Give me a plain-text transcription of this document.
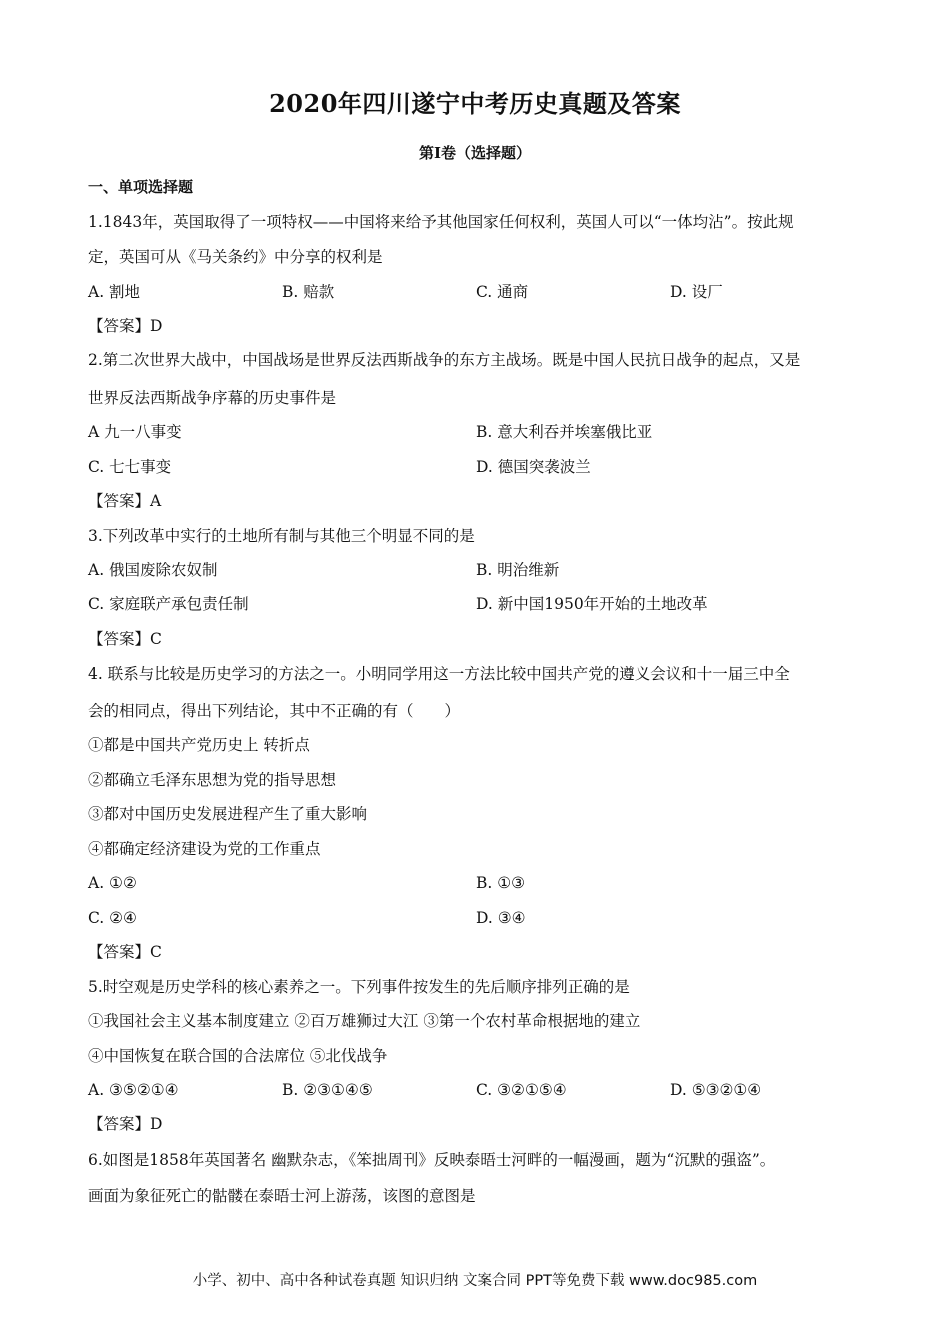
2020年四川遂宁中考历史真题及答案
第Ⅰ卷（选择题）
一、单项选择题
1.1843年，英国取得了一项特权——中国将来给予其他国家任何权利，英国人可以“一体均沾”。按此规
定，英国可从《马关条约》中分享的权利是
A. 割地	B. 赔款	C. 通商	D. 设厂
【答案】D
2.第二次世界大战中，中国战场是世界反法西斯战争的东方主战场。既是中国人民抗日战争的起点，又是
世界反法西斯战争序幕的历史事件是
A 九一八事变	B. 意大利吞并埃塞俄比亚
C. 七七事变	D. 德国突袭波兰
【答案】A
3.下列改革中实行的土地所有制与其他三个明显不同的是
A. 俄国废除农奴制	B. 明治维新
C. 家庭联产承包责任制	D. 新中国1950年开始的土地改革
【答案】C
4. 联系与比较是历史学习的方法之一。小明同学用这一方法比较中国共产党的遵义会议和十一届三中全
会的相同点，得出下列结论，其中不正确的有（　　）
①都是中国共产党历史上 转折点
②都确立毛泽东思想为党的指导思想
③都对中国历史发展进程产生了重大影响
④都确定经济建设为党的工作重点
A. ①②	B. ①③
C. ②④	D. ③④
【答案】C
5.时空观是历史学科的核心素养之一。下列事件按发生的先后顺序排列正确的是
①我国社会主义基本制度建立 ②百万雄狮过大江 ③第一个农村革命根据地的建立
④中国恢复在联合国的合法席位 ⑤北伐战争
A. ③⑤②①④	B. ②③①④⑤	C. ③②①⑤④	D. ⑤③②①④
【答案】D
6.如图是1858年英国著名 幽默杂志，《笨拙周刊》反映泰晤士河畔的一幅漫画，题为“沉默的强盗”。
画面为象征死亡的骷髅在泰晤士河上游荡，该图的意图是
小学、初中、高中各种试卷真题 知识归纳 文案合同 PPT等免费下载 www.doc985.com
